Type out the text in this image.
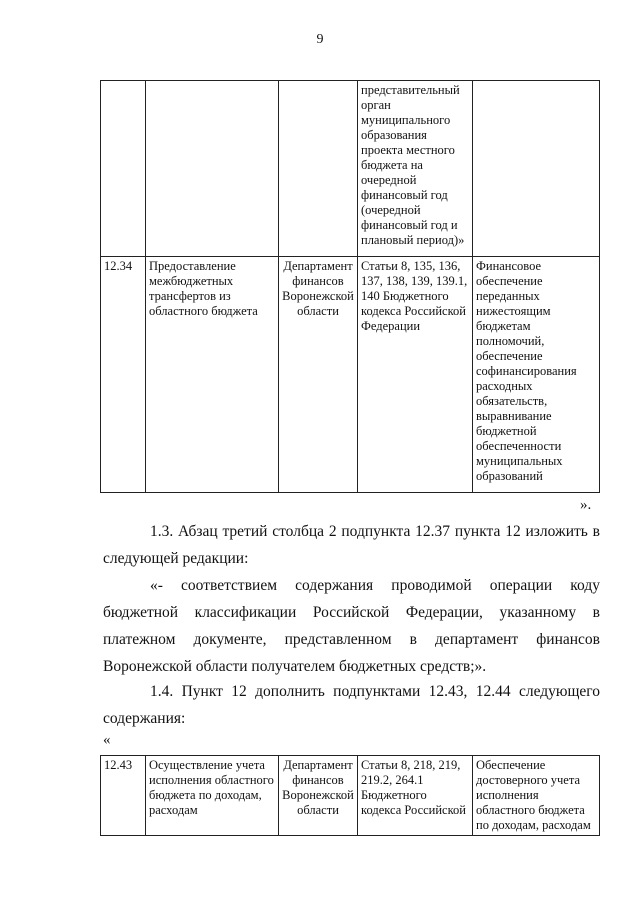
9
			представительный орган муниципального образования проекта местного бюджета на очередной финансовый год (очередной финансовый год и плановый период)»	
12.34	Предоставление межбюджетных трансфертов из областного бюджета	Департамент финансов Воронежской области	Статьи 8, 135, 136, 137, 138, 139, 139.1, 140 Бюджетного кодекса Российской Федерации	Финансовое обеспечение переданных нижестоящим бюджетам полномочий, обеспечение софинансирования расходных обязательств, выравнивание бюджетной обеспеченности муниципальных образований
».

1.3. Абзац третий столбца 2 подпункта 12.37 пункта 12 изложить в следующей редакции:

«- соответствием содержания проводимой операции коду бюджетной классификации Российской Федерации, указанному в платежном документе, представленном в департамент финансов Воронежской области получателем бюджетных средств;».

1.4. Пункт 12 дополнить подпунктами 12.43, 12.44 следующего содержания:

«
12.43	Осуществление учета исполнения областного бюджета по доходам, расходам	Департамент финансов Воронежской области	Статьи 8, 218, 219, 219.2, 264.1 Бюджетного кодекса Российской	Обеспечение достоверного учета исполнения областного бюджета по доходам, расходам
